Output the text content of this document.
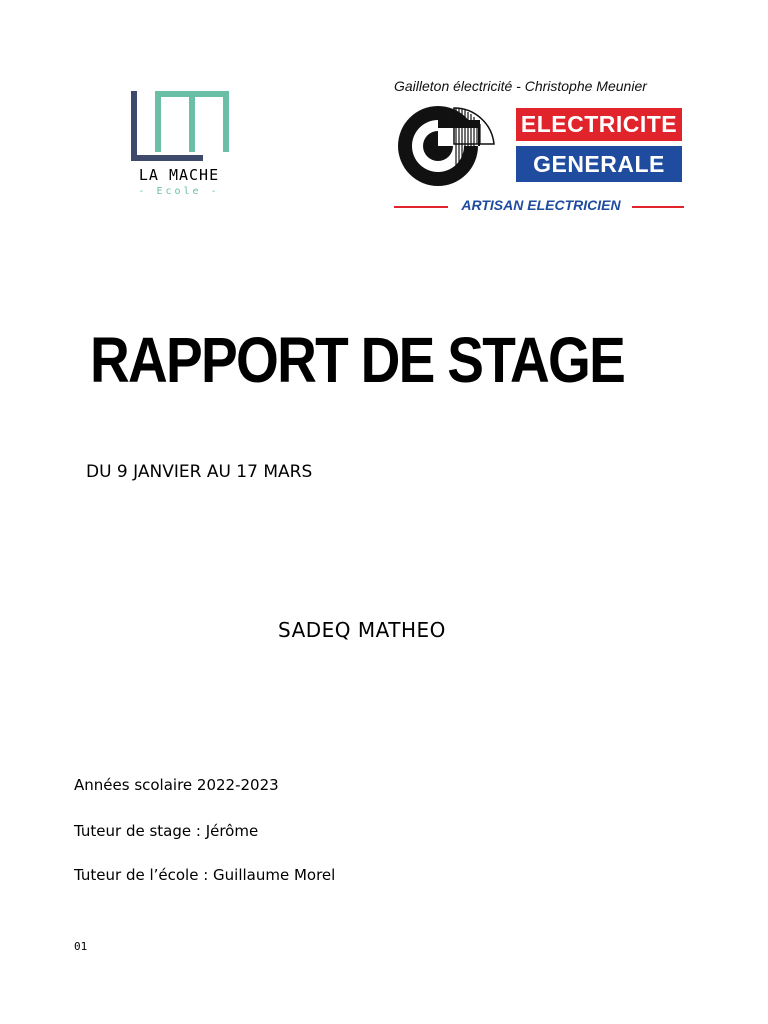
LA MACHE
- Ecole -
Gailleton électricité - Christophe Meunier
ELECTRICITE
GENERALE
ARTISAN ELECTRICIEN
RAPPORT DE STAGE
DU 9 JANVIER AU 17 MARS
SADEQ MATHEO
Années scolaire 2022-2023
Tuteur de stage : Jérôme
Tuteur de l’école : Guillaume Morel
01
